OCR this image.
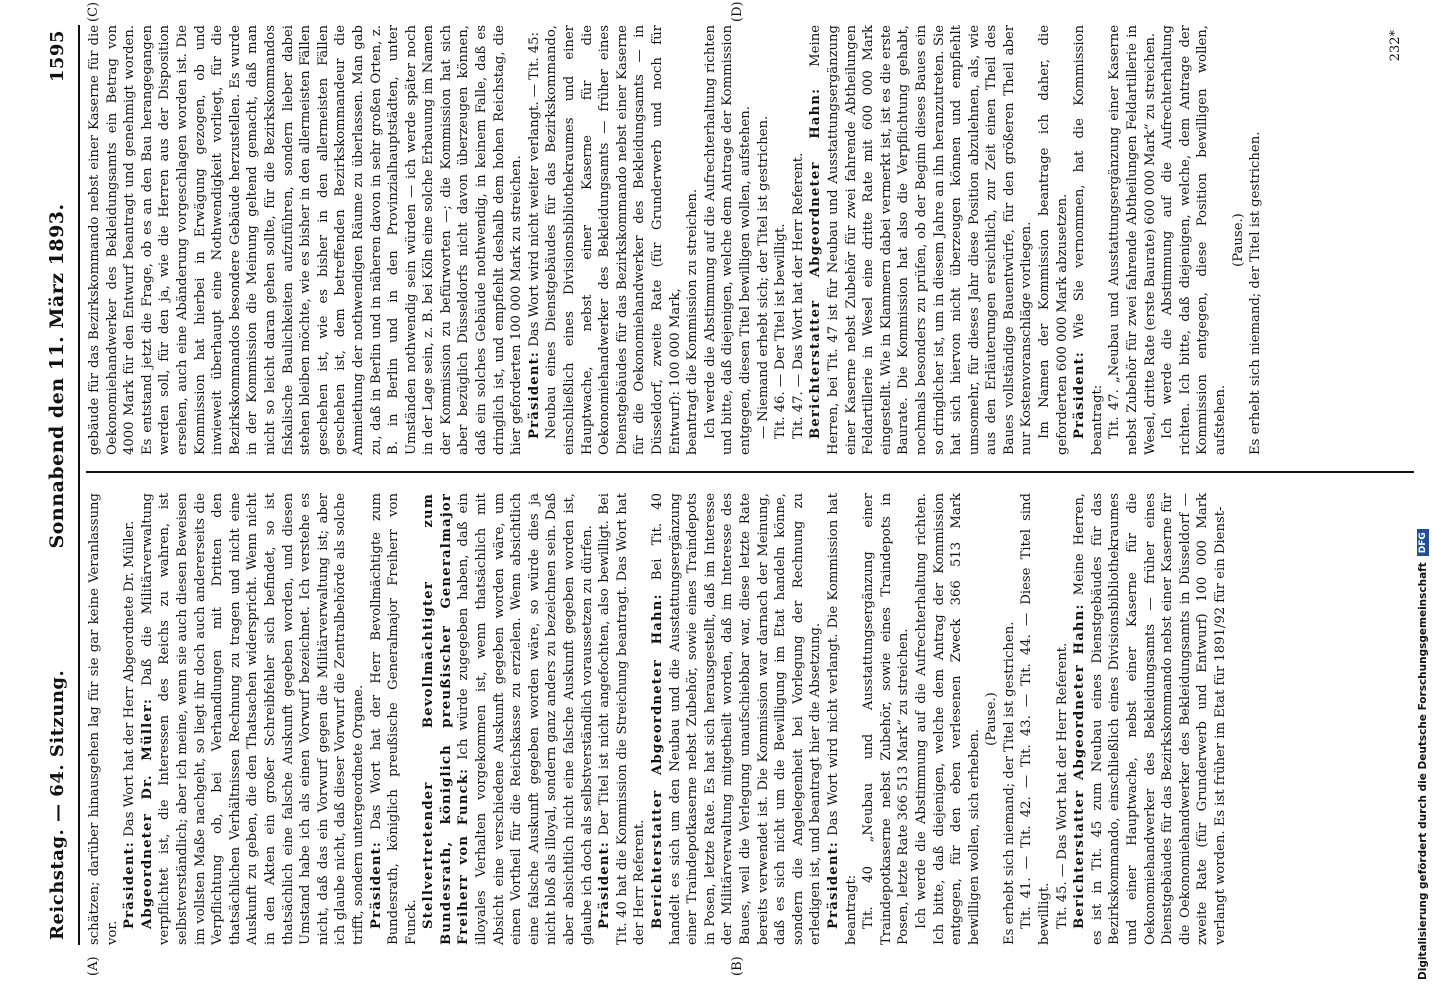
Reichstag. — 64. Sitzung.
Sonnabend den 11. März 1893.
1595
(A)	(B)
(C)	(D)

schätzen; darüber hinausgehen lag für sie gar keine Veranlassung vor.

Präsident: Das Wort hat der Herr Abgeordnete Dr. Müller. Abgeordneter Dr. Müller: Daß die Militärverwaltung verpflichtet ist, die Interessen des Reichs zu wahren, ist selbstverständlich; aber ich meine, wenn sie auch diesen Beweisen im vollsten Maße nachgeht, so liegt ihr doch auch andererseits die Verpflichtung ob, bei Verhandlungen mit Dritten den thatsächlichen Verhältnissen Rechnung zu tragen und nicht eine Auskunft zu geben, die den Thatsachen widerspricht. Wenn nicht in den Akten ein großer Schreibfehler sich befindet, so ist thatsächlich eine falsche Auskunft gegeben worden, und diesen Umstand habe ich als einen Vorwurf bezeichnet. Ich verstehe es nicht, daß das ein Vorwurf gegen die Militärverwaltung ist; aber ich glaube nicht, daß dieser Vorwurf die Zentralbehörde als solche trifft, sondern untergeordnete Organe. Präsident: Das Wort hat der Herr Bevollmächtigte zum Bundesrath, königlich preußische Generalmajor Freiherr von Funck. Stellvertretender Bevollmächtigter zum Bundesrath, königlich preußischer Generalmajor Freiherr von Funck: Ich würde zugegeben haben, daß ein illoyales Verhalten vorgekommen ist, wenn thatsächlich mit Absicht eine verschiedene Auskunft gegeben worden wäre, um einen Vortheil für die Reichskasse zu erzielen. Wenn absichtlich eine falsche Auskunft gegeben worden wäre, so würde dies ja nicht bloß als illoyal, sondern ganz anders zu bezeichnen sein. Daß aber absichtlich nicht eine falsche Auskunft gegeben worden ist, glaube ich doch als selbstverständlich voraussetzen zu dürfen. Präsident: Der Titel ist nicht angefochten, also bewilligt. Bei Tit. 40 hat die Kommission die Streichung beantragt. Das Wort hat der Herr Referent. Berichterstatter Abgeordneter Hahn: Bei Tit. 40 handelt es sich um den Neubau und die Ausstattungsergänzung einer Traindepotkaserne nebst Zubehör, sowie eines Traindepots in Posen, letzte Rate. Es hat sich herausgestellt, daß im Interesse der Militärverwaltung mitgetheilt worden, daß im Interesse des Baues, weil die Verlegung unaufschiebbar war, diese letzte Rate bereits verwendet ist. Die Kommission war darnach der Meinung, daß es sich nicht um die Bewilligung im Etat handeln könne, sondern die Angelegenheit bei Vorlegung der Rechnung zu erledigen ist, und beantragt hier die Absetzung. Präsident: Das Wort wird nicht verlangt. Die Kommission hat beantragt: Tit. 40 „Neubau und Ausstattungsergänzung einer Traindepotkaserne nebst Zubehör, sowie eines Traindepots in Posen, letzte Rate 366 513 Mark“ zu streichen. Ich werde die Abstimmung auf die Aufrechterhaltung richten. Ich bitte, daß diejenigen, welche dem Antrag der Kommission entgegen, für den eben verlesenen Zweck 366 513 Mark bewilligen wollen, sich erheben.

(Pause.) Es erhebt sich niemand; der Titel ist gestrichen. Tit. 41. — Tit. 42. — Tit. 43. — Tit. 44. — Diese Titel sind bewilligt. Tit. 45. — Das Wort hat der Herr Referent. Berichterstatter Abgeordneter Hahn: Meine Herren, es ist in Tit. 45 zum Neubau eines Dienstgebäudes für das Bezirkskommando, einschließlich eines Divisionsbibliothekraumes und einer Hauptwache, nebst einer Kaserne für die Oekonomiehandwerker des Bekleidungsamts — früher eines Dienstgebäudes für das Bezirkskommando nebst einer Kaserne für die Oekonomiehandwerker des Bekleidungsamts in Düsseldorf — zweite Rate (für Grunderwerb und Entwurf) 100 000 Mark verlangt worden. Es ist früher im Etat für 1891/92 für ein Dienst-

gebäude für das Bezirkskommando nebst einer Kaserne für die Oekonomiehandwerker des Bekleidungsamts ein Betrag von 4000 Mark für den Entwurf beantragt und genehmigt worden. Es entstand jetzt die Frage, ob es an den Bau herangegangen werden soll, für den ja, wie die Herren aus der Disposition ersehen, auch eine Abänderung vorgeschlagen worden ist. Die Kommission hat hierbei in Erwägung gezogen, ob und inwieweit überhaupt eine Nothwendigkeit vorliegt, für die Bezirkskommandos besondere Gebäude herzustellen. Es wurde in der Kommission die Meinung geltend gemacht, daß man nicht so leicht daran gehen sollte, für die Bezirkskommandos fiskalische Baulichkeiten aufzuführen, sondern lieber dabei stehen bleiben möchte, wie es bisher in den allermeisten Fällen geschehen ist, wie es bisher in den allermeisten Fällen geschehen ist, dem betreffenden Bezirkskommandeur die Anmiethung der nothwendigen Räume zu überlassen. Man gab zu, daß in Berlin und in näheren davon in sehr großen Orten, z. B. in Berlin und in den Provinzialhauptstädten, unter Umständen nothwendig sein würden — ich werde später noch in der Lage sein, z. B. bei Köln eine solche Erbauung im Namen der Kommission zu befürworten —; die Kommission hat sich aber bezüglich Düsseldorfs nicht davon überzeugen können, daß ein solches Gebäude nothwendig, in keinem Falle, daß es dringlich ist, und empfiehlt deshalb dem hohen Reichstag, die hier geforderten 100 000 Mark zu streichen. Präsident: Das Wort wird nicht weiter verlangt. — Tit. 45: Neubau eines Dienstgebäudes für das Bezirkskommando, einschließlich eines Divisionsbibliothekraumes und einer Hauptwache, nebst einer Kaserne für die Oekonomiehandwerker des Bekleidungsamts — früher eines Dienstgebäudes für das Bezirkskommando nebst einer Kaserne für die Oekonomiehandwerker des Bekleidungsamts — in Düsseldorf, zweite Rate (für Grunderwerb und noch für Entwurf): 100 000 Mark, beantragt die Kommission zu streichen. Ich werde die Abstimmung auf die Aufrechterhaltung richten und bitte, daß diejenigen, welche dem Antrage der Kommission entgegen, diesen Titel bewilligen wollen, aufstehen. — Niemand erhebt sich; der Titel ist gestrichen. Tit. 46. — Der Titel ist bewilligt. Tit. 47. — Das Wort hat der Herr Referent. Berichterstatter Abgeordneter Hahn: Meine Herren, bei Tit. 47 ist für Neubau und Ausstattungsergänzung einer Kaserne nebst Zubehör für zwei fahrende Abtheilungen Feldartillerie in Wesel eine dritte Rate mit 600 000 Mark eingestellt. Wie in Klammern dabei vermerkt ist, ist es die erste Baurate. Die Kommission hat also die Verpflichtung gehabt, nochmals besonders zu prüfen, ob der Beginn dieses Baues ein so dringlicher ist, um in diesem Jahre an ihn heranzutreten. Sie hat sich hiervon nicht überzeugen können und empfiehlt umsomehr, für dieses Jahr diese Position abzulehnen, als, wie aus den Erläuterungen ersichtlich, zur Zeit einen Theil des Baues vollständige Bauentwürfe, für den größeren Theil aber nur Kostenvoranschläge vorliegen. Im Namen der Kommission beantrage ich daher, die geforderten 600 000 Mark abzusetzen. Präsident: Wie Sie vernommen, hat die Kommission beantragt: Tit. 47. „Neubau und Ausstattungsergänzung einer Kaserne nebst Zubehör für zwei fahrende Abtheilungen Feldartillerie in Wesel, dritte Rate (erste Baurate) 600 000 Mark“ zu streichen. Ich werde die Abstimmung auf die Aufrechterhaltung richten. Ich bitte, daß diejenigen, welche, dem Antrage der Kommission entgegen, diese Position bewilligen wollen, aufstehen.

(Pause.) Es erhebt sich niemand; der Titel ist gestrichen.

232*
Digitalisierung gefördert durch die Deutsche Forschungsgemeinschaft
DFG
